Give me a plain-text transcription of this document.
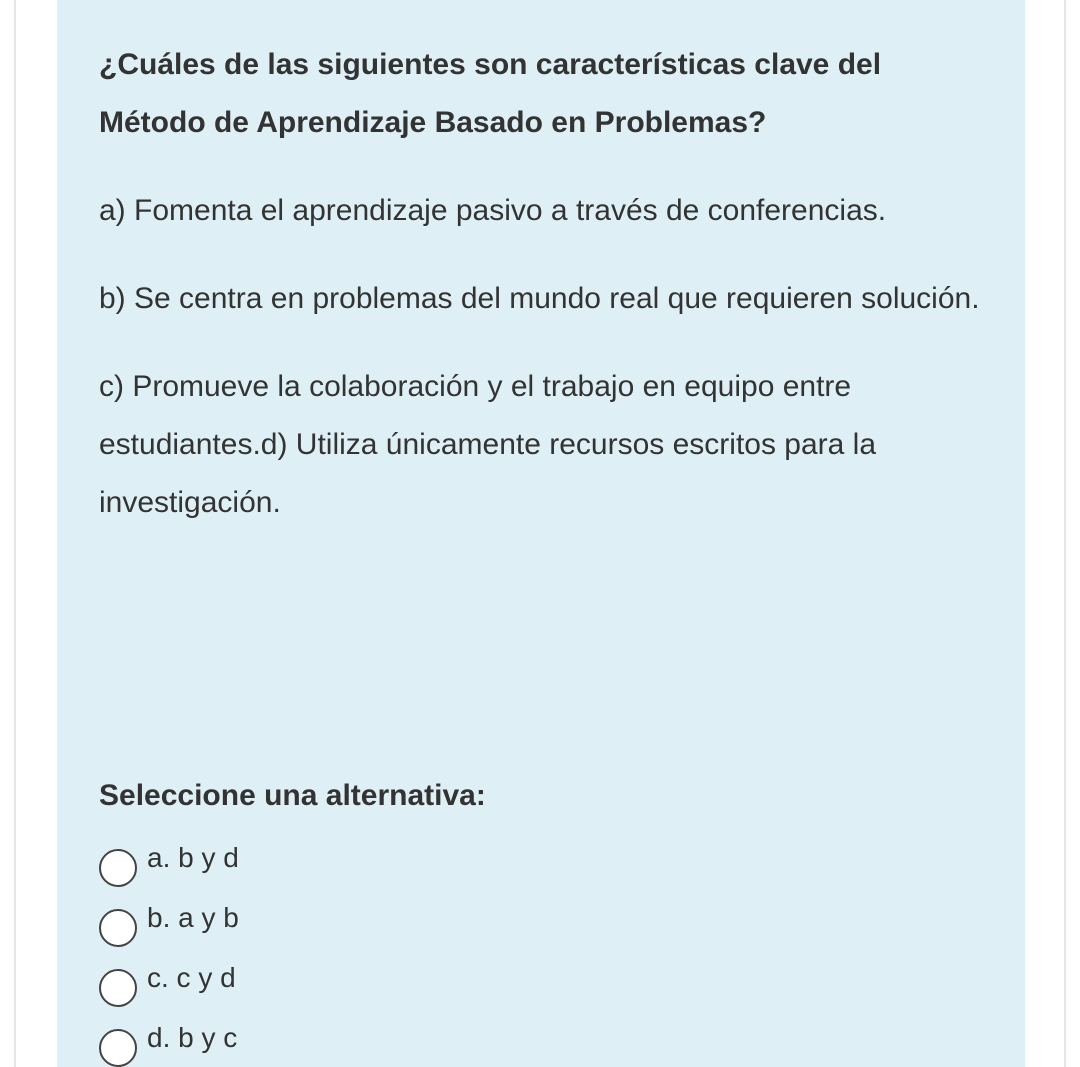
¿Cuáles de las siguientes son características clave del Método de Aprendizaje Basado en Problemas?

a) Fomenta el aprendizaje pasivo a través de conferencias.

b) Se centra en problemas del mundo real que requieren solución.

c) Promueve la colaboración y el trabajo en equipo entre estudiantes.d) Utiliza únicamente recursos escritos para la investigación.

Seleccione una alternativa:
a. b y d
b. a y b
c. c y d
d. b y c
